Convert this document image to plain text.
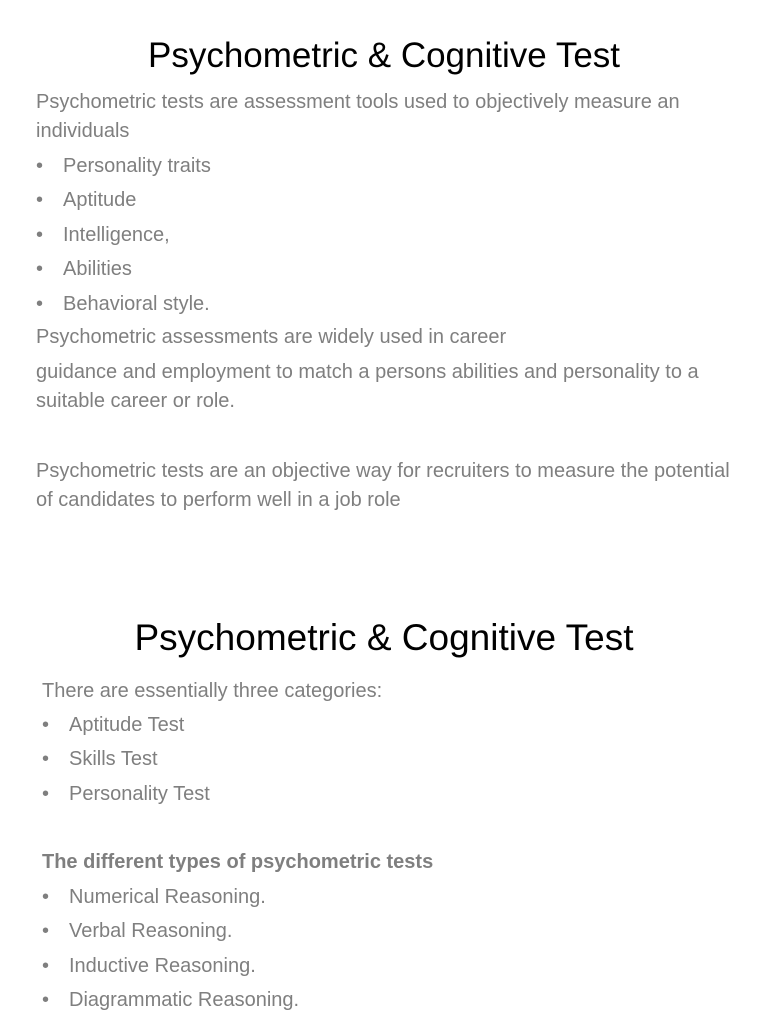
Psychometric & Cognitive Test

Psychometric tests are assessment tools used to objectively measure an individuals

• Personality traits
• Aptitude
• Intelligence,
• Abilities
• Behavioral style.

Psychometric assessments are widely used in career

guidance and employment to match a persons abilities and personality to a suitable career or role.

Psychometric tests are an objective way for recruiters to measure the potential of candidates to perform well in a job role

Psychometric & Cognitive Test

There are essentially three categories:

• Aptitude Test
• Skills Test
• Personality Test

The different types of psychometric tests

• Numerical Reasoning.
• Verbal Reasoning.
• Inductive Reasoning.
• Diagrammatic Reasoning.
